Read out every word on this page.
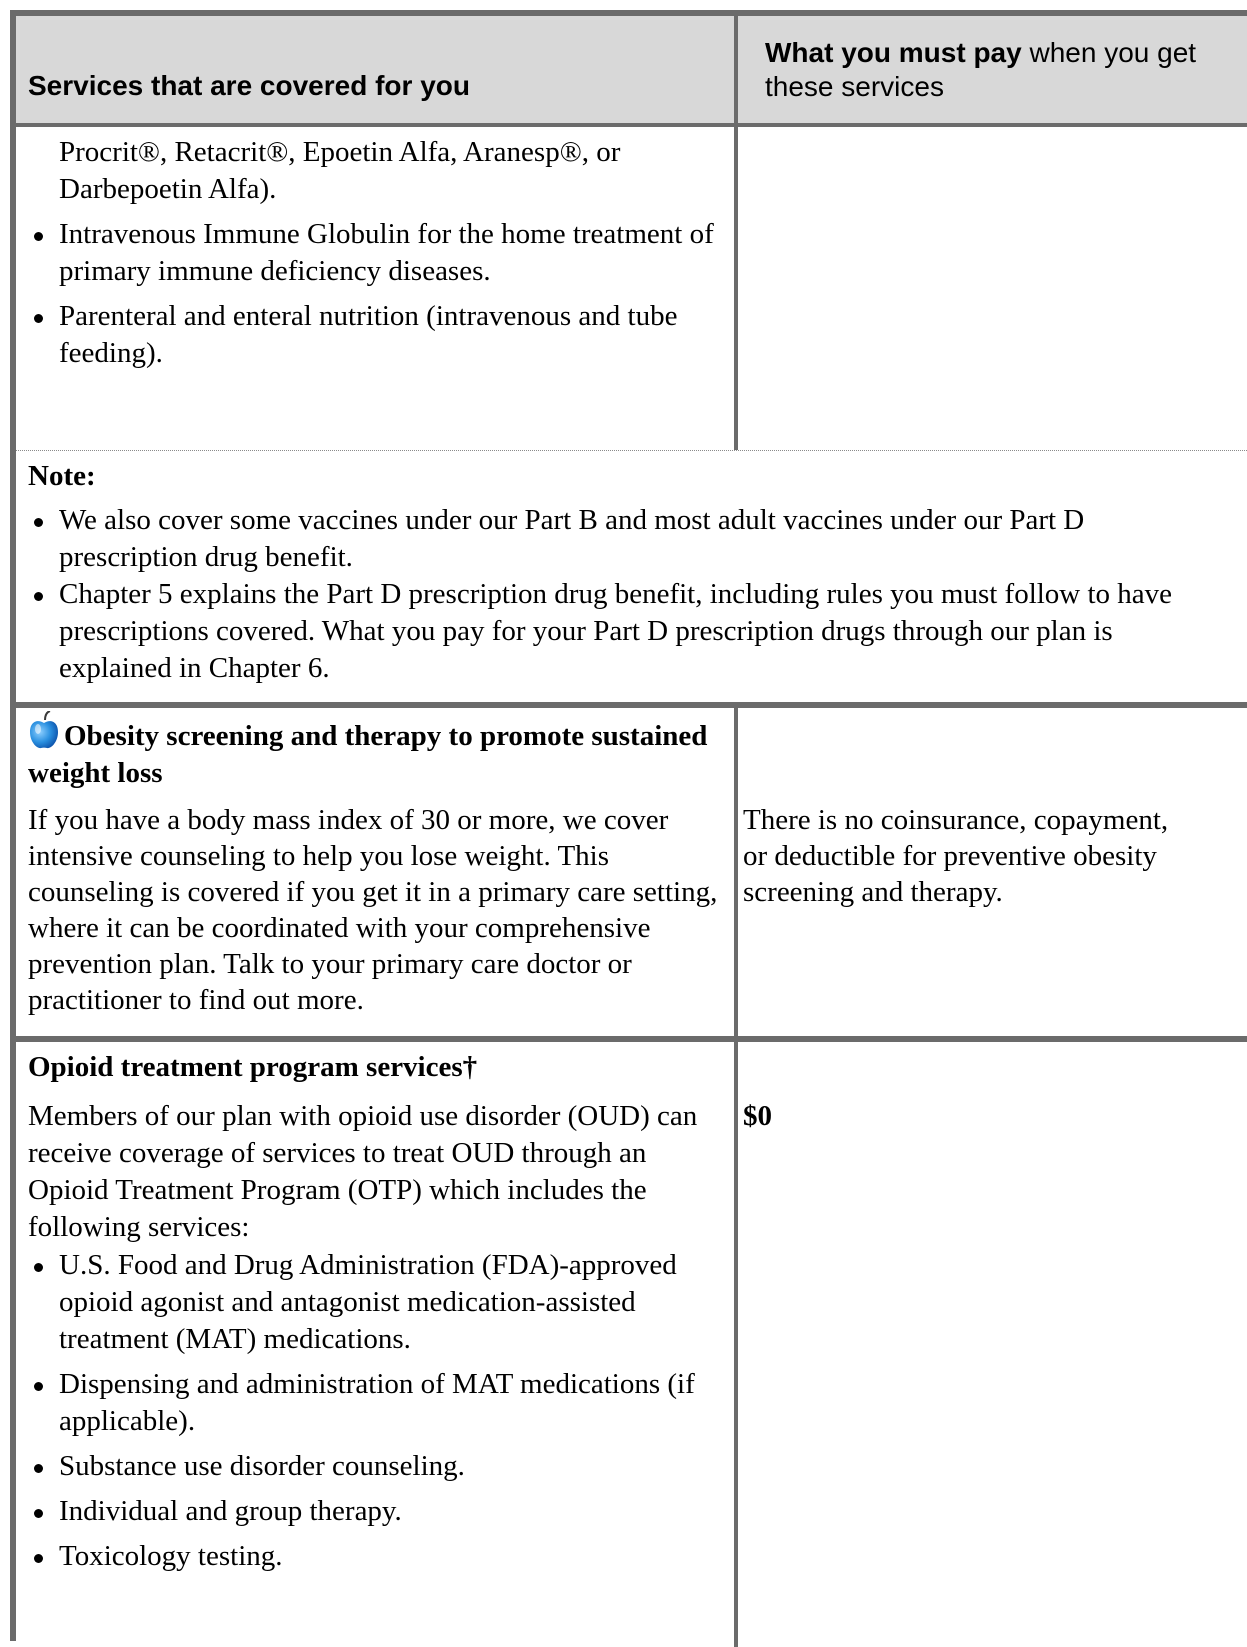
Services that are covered for you
What you must pay when you get these services
Procrit®, Retacrit®, Epoetin Alfa, Aranesp®, or
Darbepoetin Alfa).
Intravenous Immune Globulin for the home treatment of primary immune deficiency diseases.
Parenteral and enteral nutrition (intravenous and tube feeding).
Note:
We also cover some vaccines under our Part B and most adult vaccines under our Part D prescription drug benefit.
Chapter 5 explains the Part D prescription drug benefit, including rules you must follow to have prescriptions covered. What you pay for your Part D prescription drugs through our plan is explained in Chapter 6.
Obesity screening and therapy to promote sustained weight loss
If you have a body mass index of 30 or more, we cover intensive counseling to help you lose weight. This counseling is covered if you get it in a primary care setting, where it can be coordinated with your comprehensive prevention plan. Talk to your primary care doctor or practitioner to find out more.
There is no coinsurance, copayment, or deductible for preventive obesity screening and therapy.
Opioid treatment program services†
Members of our plan with opioid use disorder (OUD) can receive coverage of services to treat OUD through an Opioid Treatment Program (OTP) which includes the following services:
U.S. Food and Drug Administration (FDA)-approved opioid agonist and antagonist medication-assisted treatment (MAT) medications.
Dispensing and administration of MAT medications (if applicable).
Substance use disorder counseling.
Individual and group therapy.
Toxicology testing.
$0
